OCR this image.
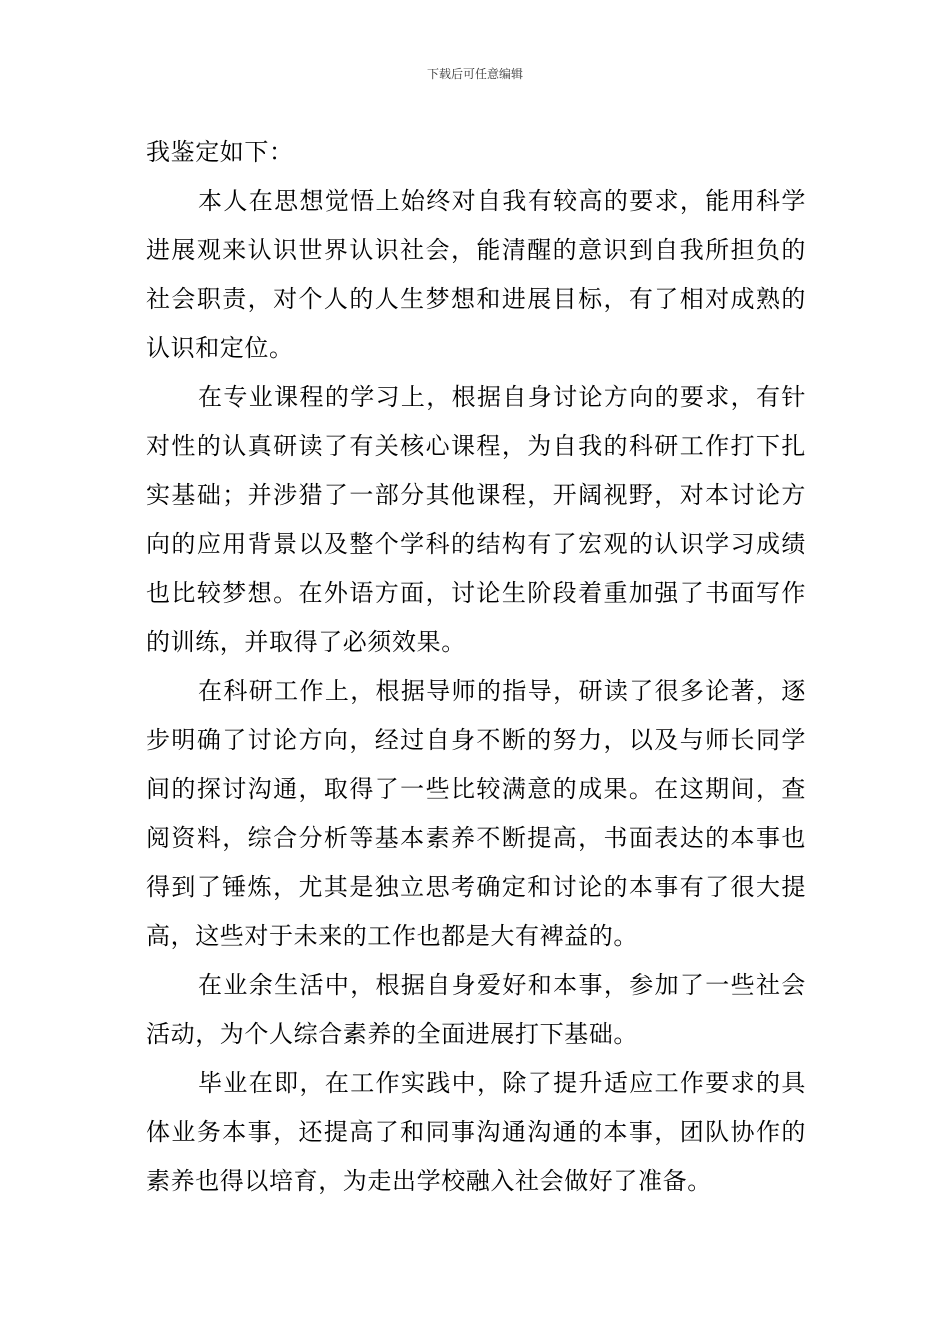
下载后可任意编辑

我鉴定如下：

本人在思想觉悟上始终对自我有较高的要求，能用科学进展观来认识世界认识社会，能清醒的意识到自我所担负的社会职责，对个人的人生梦想和进展目标，有了相对成熟的认识和定位。

在专业课程的学习上，根据自身讨论方向的要求，有针对性的认真研读了有关核心课程，为自我的科研工作打下扎实基础；并涉猎了一部分其他课程，开阔视野，对本讨论方向的应用背景以及整个学科的结构有了宏观的认识学习成绩也比较梦想。在外语方面，讨论生阶段着重加强了书面写作的训练，并取得了必须效果。

在科研工作上，根据导师的指导，研读了很多论著，逐步明确了讨论方向，经过自身不断的努力，以及与师长同学间的探讨沟通，取得了一些比较满意的成果。在这期间，查阅资料，综合分析等基本素养不断提高，书面表达的本事也得到了锤炼，尤其是独立思考确定和讨论的本事有了很大提高，这些对于未来的工作也都是大有裨益的。

在业余生活中，根据自身爱好和本事，参加了一些社会活动，为个人综合素养的全面进展打下基础。

毕业在即，在工作实践中，除了提升适应工作要求的具体业务本事，还提高了和同事沟通沟通的本事，团队协作的素养也得以培育，为走出学校融入社会做好了准备。
